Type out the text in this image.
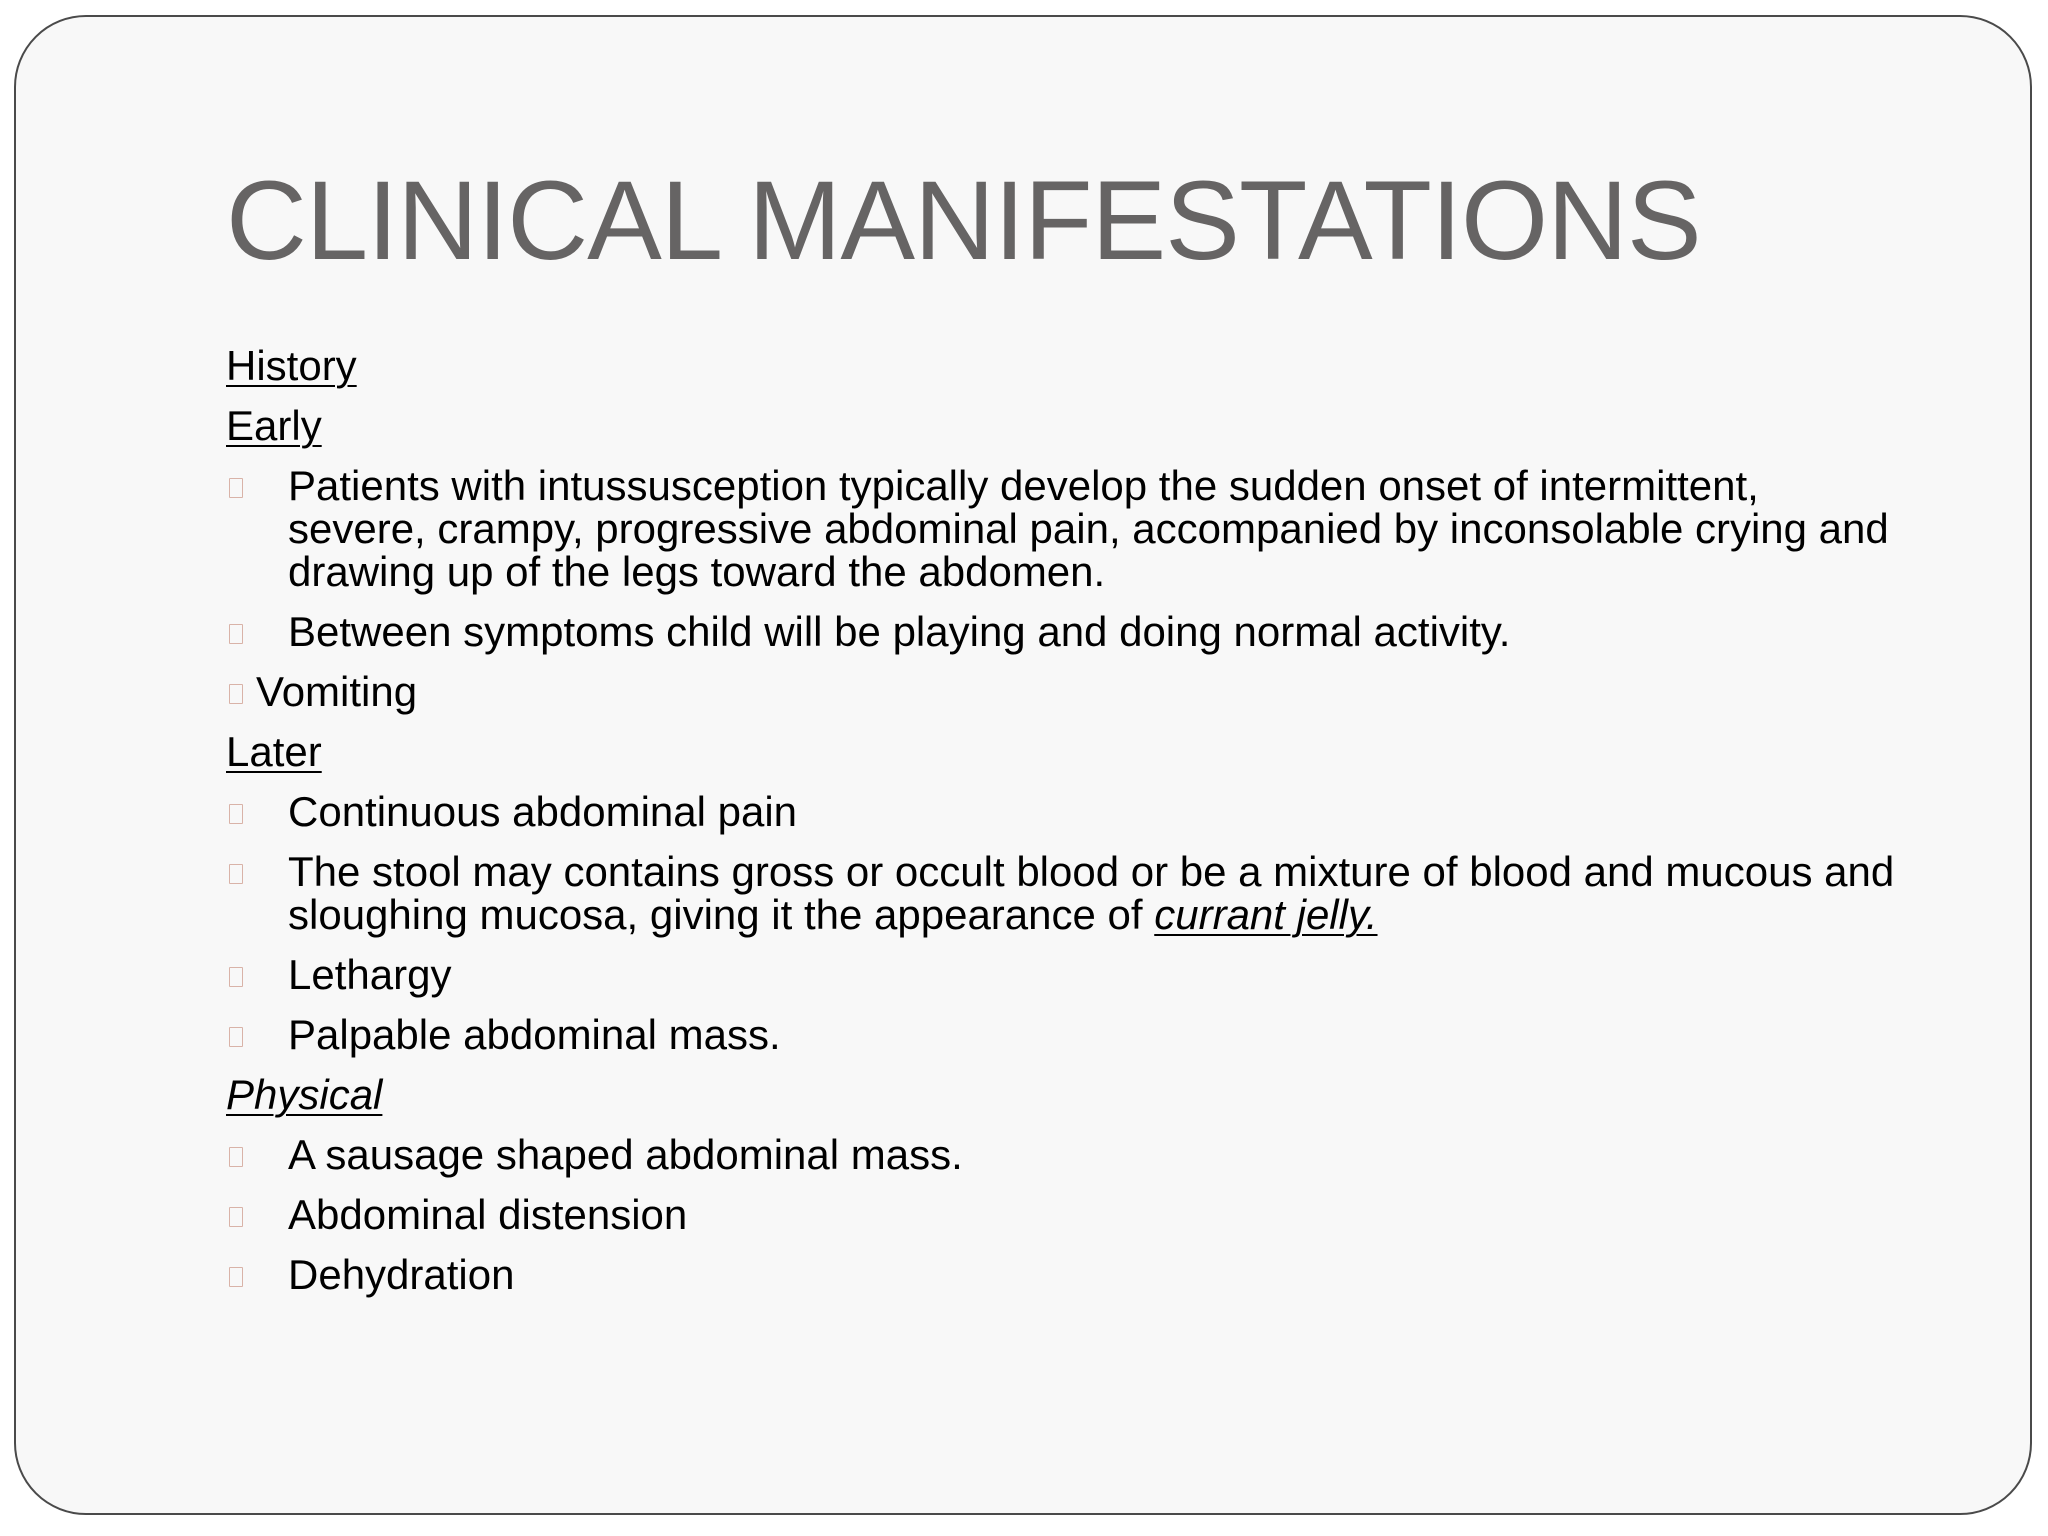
CLINICAL MANIFESTATIONS
History
Early
Patients with intussusception typically develop the sudden onset of intermittent, severe, crampy, progressive abdominal pain, accompanied by inconsolable crying and drawing up of the legs toward the abdomen.
Between symptoms child will be playing and doing normal activity.
Vomiting
Later
Continuous abdominal pain
The stool may contains gross or occult blood or be a mixture of blood and mucous and sloughing mucosa, giving it the appearance of currant jelly.
Lethargy
Palpable abdominal mass.
Physical
A sausage shaped abdominal mass.
Abdominal distension
Dehydration
